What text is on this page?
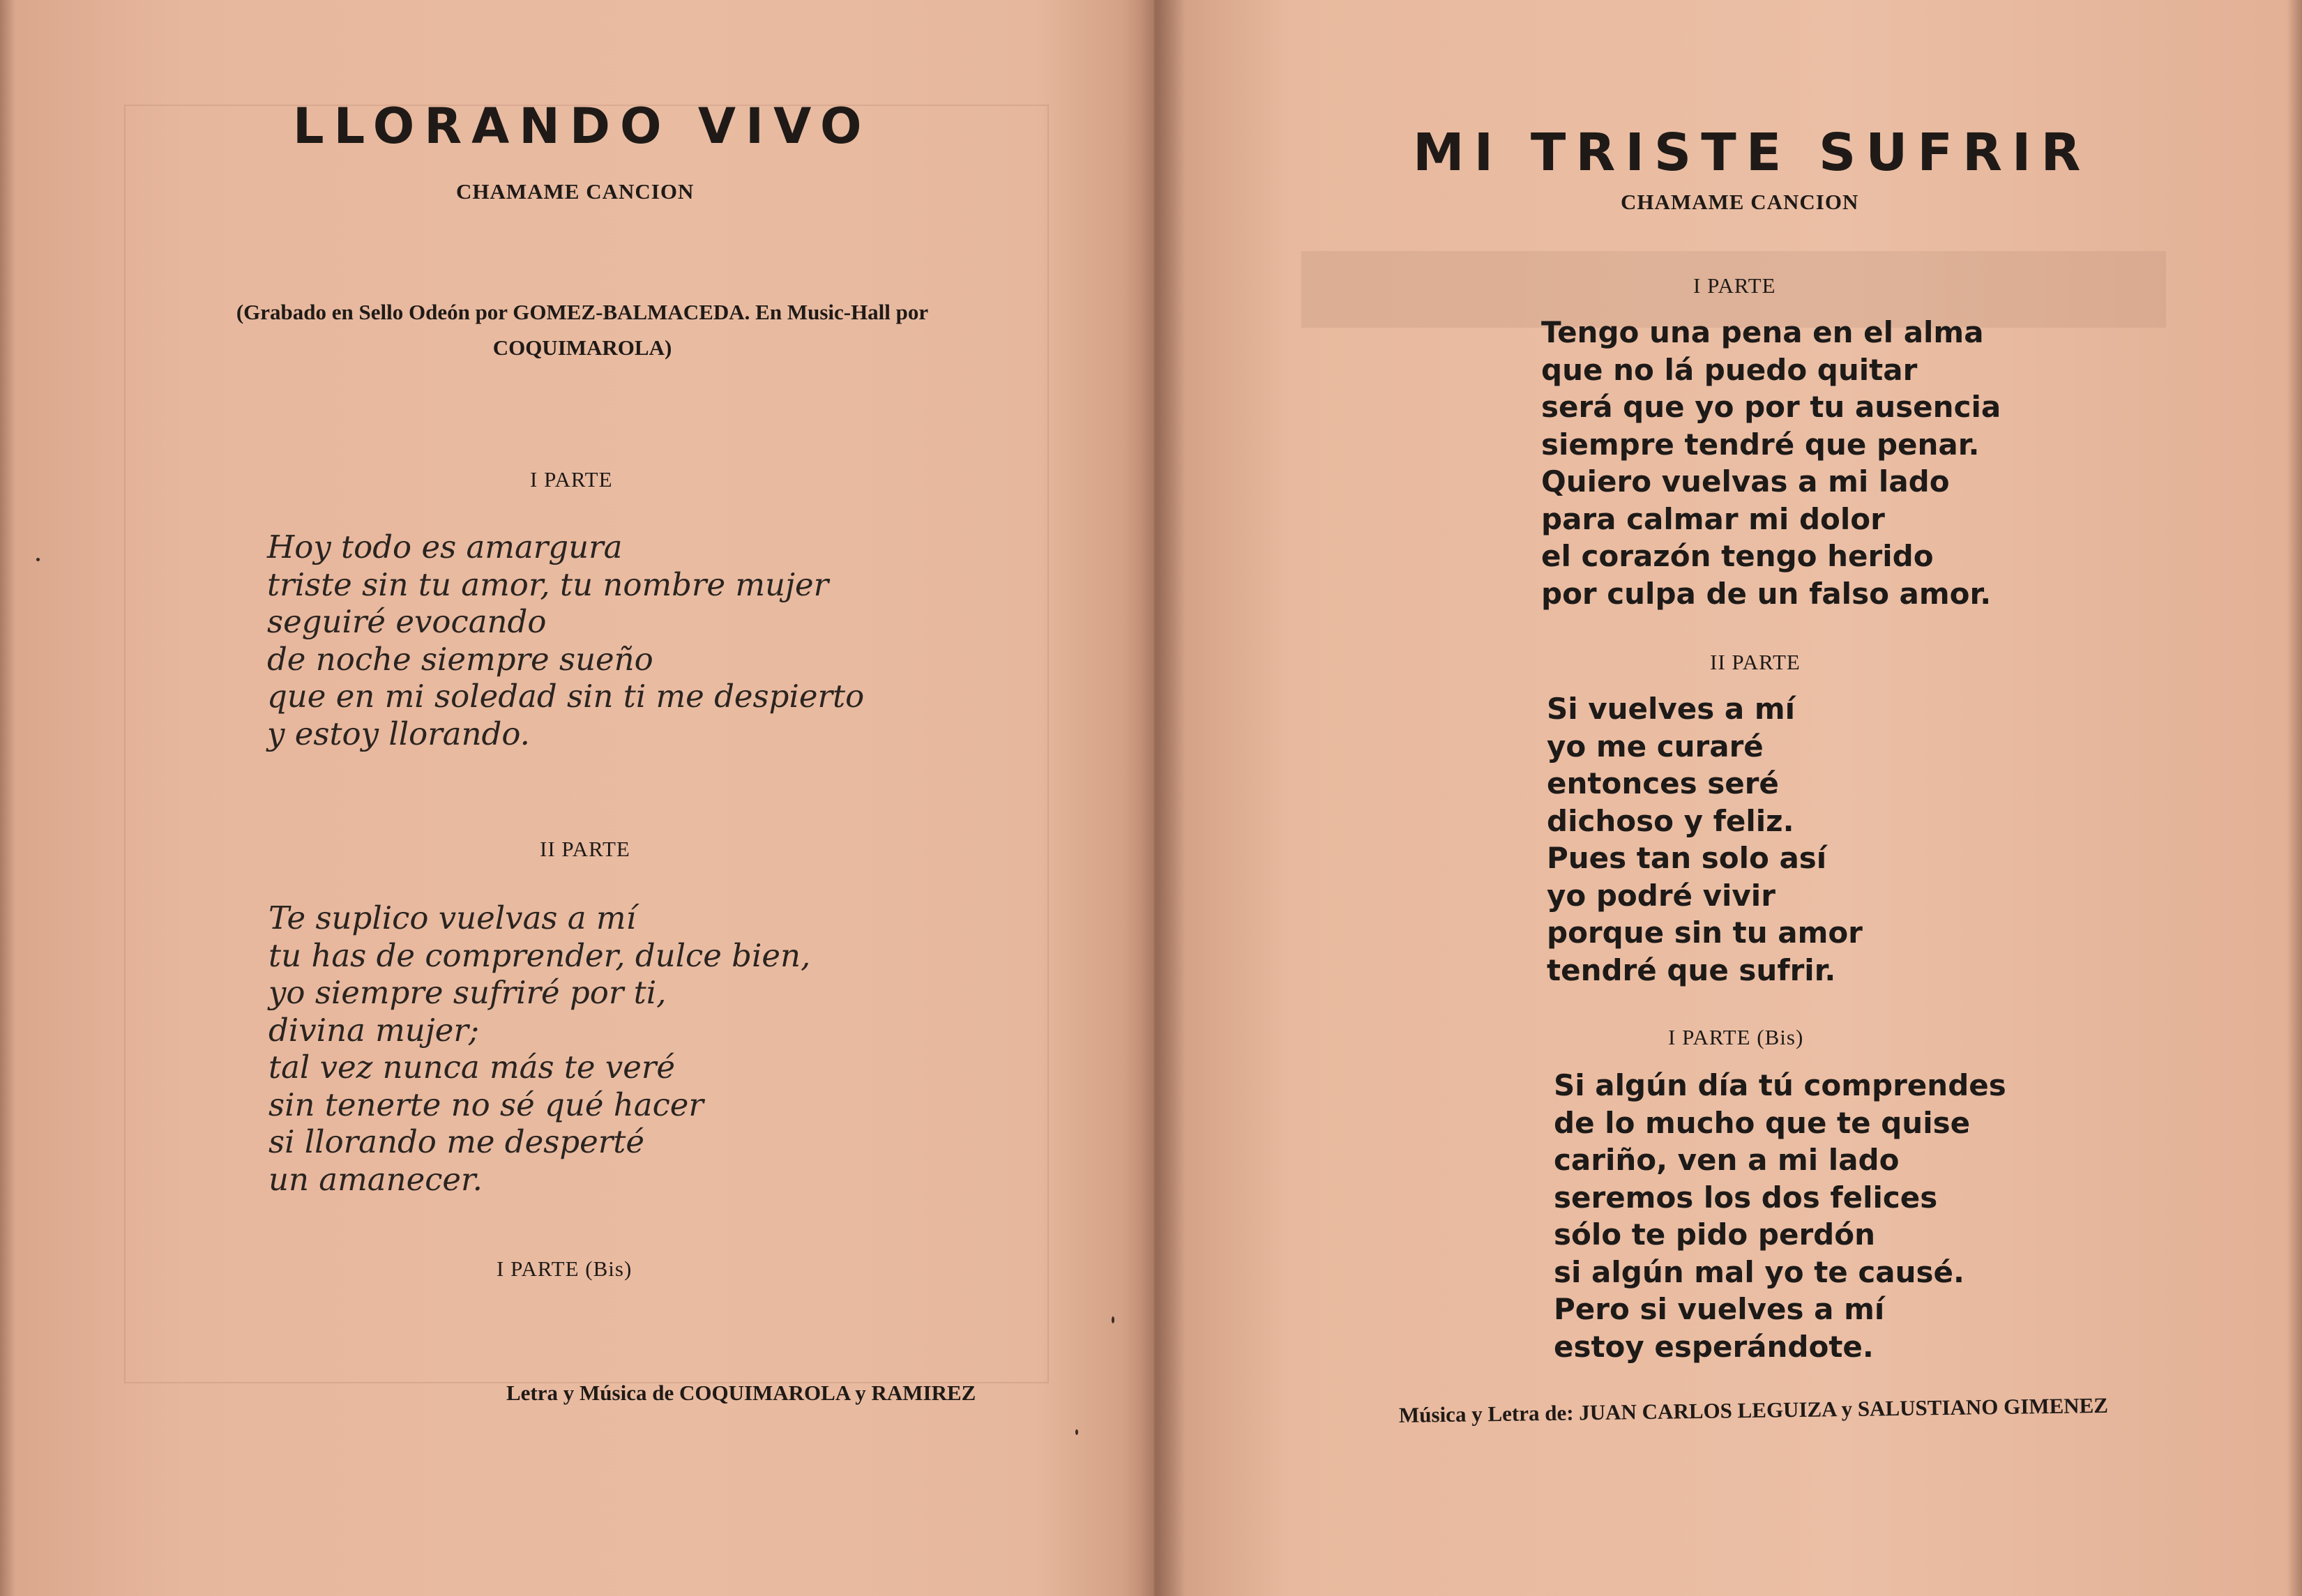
LLORANDO VIVO
CHAMAME CANCION
(Grabado en Sello Odeón por GOMEZ-BALMACEDA. En Music-Hall por COQUIMAROLA)
I PARTE
Hoy todo es amargura
triste sin tu amor, tu nombre mujer
seguiré evocando
de noche siempre sueño
que en mi soledad sin ti me despierto
y estoy llorando.
II PARTE
Te suplico vuelvas a mí
tu has de comprender, dulce bien,
yo siempre sufriré por ti,
divina mujer;
tal vez nunca más te veré
sin tenerte no sé qué hacer
si llorando me desperté
un amanecer.
I PARTE (Bis)
Letra y Música de COQUIMAROLA y RAMIREZ
MI TRISTE SUFRIR
CHAMAME CANCION
I PARTE
Tengo una pena en el alma
que no lá puedo quitar
será que yo por tu ausencia
siempre tendré que penar.
Quiero vuelvas a mi lado
para calmar mi dolor
el corazón tengo herido
por culpa de un falso amor.
II PARTE
Si vuelves a mí
yo me curaré
entonces seré
dichoso y feliz.
Pues tan solo así
yo podré vivir
porque sin tu amor
tendré que sufrir.
I PARTE (Bis)
Si algún día tú comprendes
de lo mucho que te quise
cariño, ven a mi lado
seremos los dos felices
sólo te pido perdón
si algún mal yo te causé.
Pero si vuelves a mí
estoy esperándote.
Música y Letra de: JUAN CARLOS LEGUIZA y SALUSTIANO GIMENEZ
